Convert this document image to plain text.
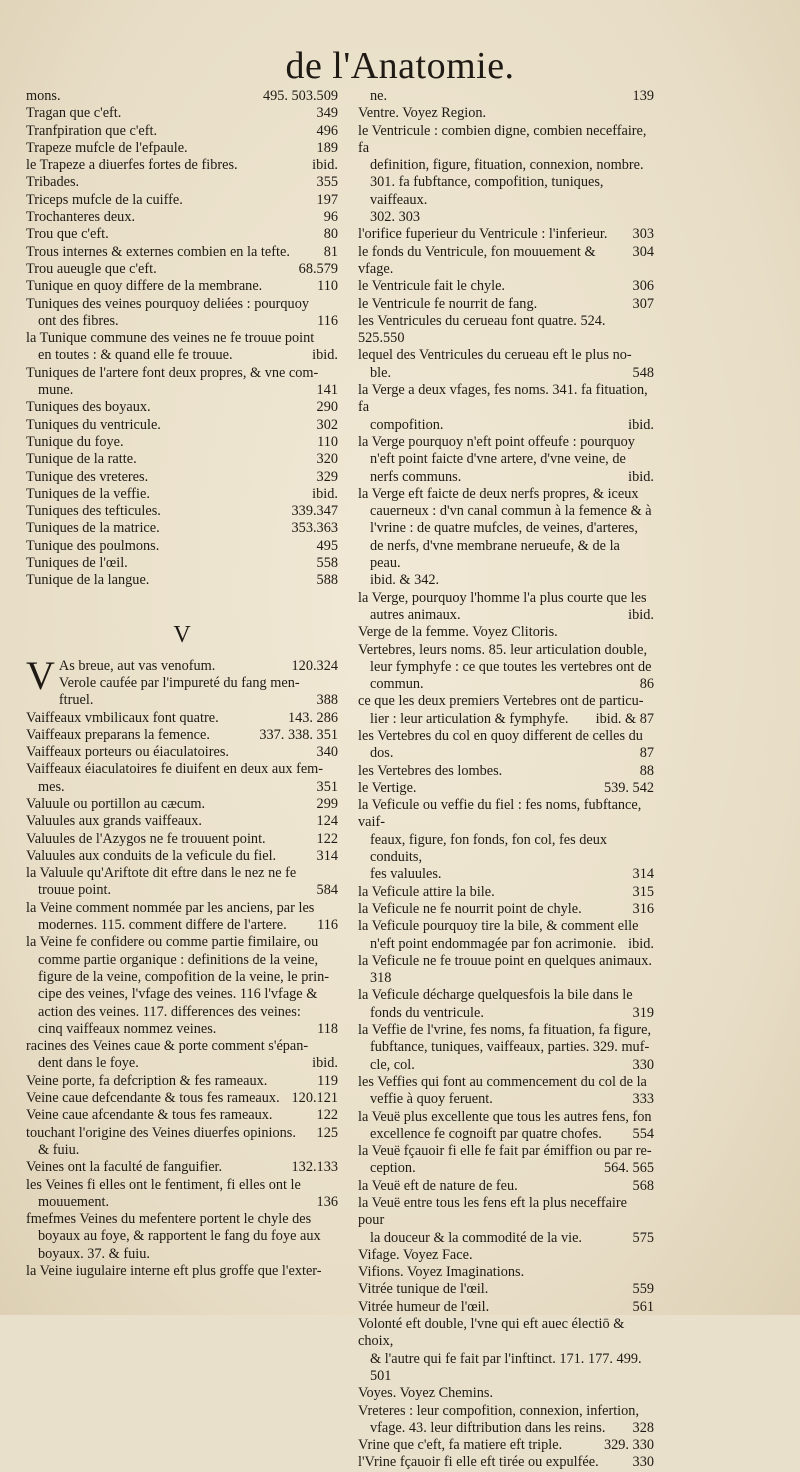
de l'Anatomie.
495. 503.509
mons.
349
Tragan que c'eft.
496
Tranfpiration que c'eft.
189
Trapeze mufcle de l'efpaule.
ibid.
le Trapeze a diuerfes fortes de fibres.
355
Tribades.
197
Triceps mufcle de la cuiffe.
96
Trochanteres deux.
80
Trou que c'eft.
81
Trous internes & externes combien en la tefte.
68.579
Trou aueugle que c'eft.
110
Tunique en quoy differe de la membrane.
Tuniques des veines pourquoy deliées : pourquoy
116
ont des fibres.
la Tunique commune des veines ne fe trouue point
ibid.
en toutes : & quand elle fe trouue.
Tuniques de l'artere font deux propres, & vne com-
141
mune.
290
Tuniques des boyaux.
302
Tuniques du ventricule.
110
Tunique du foye.
320
Tunique de la ratte.
329
Tunique des vreteres.
ibid.
Tuniques de la veffie.
339.347
Tuniques des tefticules.
353.363
Tuniques de la matrice.
495
Tunique des poulmons.
558
Tuniques de l'œil.
588
Tunique de la langue.
V
V	120.324
As breue, aut vas venofum.
Verole caufée par l'impureté du fang men-
388
ftruel.
143. 286
Vaiffeaux vmbilicaux font quatre.
337. 338. 351
Vaiffeaux preparans la femence.
340
Vaiffeaux porteurs ou éiaculatoires.
Vaiffeaux éiaculatoires fe diuifent en deux aux fem-
351
mes.
299
Valuule ou portillon au cæcum.
124
Valuules aux grands vaiffeaux.
122
Valuules de l'Azygos ne fe trouuent point.
314
Valuules aux conduits de la veficule du fiel.
la Valuule qu'Ariftote dit eftre dans le nez ne fe
584
trouue point.
la Veine comment nommée par les anciens, par les
116
modernes. 115. comment differe de l'artere.
la Veine fe confidere ou comme partie fimilaire, ou
comme partie organique : definitions de la veine,
figure de la veine, compofition de la veine, le prin-
cipe des veines, l'vfage des veines. 116 l'vfage &
action des veines. 117. differences des veines:
118
cinq vaiffeaux nommez veines.
racines des Veines caue & porte comment s'épan-
ibid.
dent dans le foye.
119
Veine porte, fa defcription & fes rameaux.
120.121
Veine caue defcendante & tous fes rameaux.
122
Veine caue afcendante & tous fes rameaux.
125
touchant l'origine des Veines diuerfes opinions.
& fuiu.
132.133
Veines ont la faculté de fanguifier.
les Veines fi elles ont le fentiment, fi elles ont le
136
mouuement.
fmefmes Veines du mefentere portent le chyle des
boyaux au foye, & rapportent le fang du foye aux
boyaux. 37. & fuiu.
la Veine iugulaire interne eft plus groffe que l'exter-
139
ne.
Ventre. Voyez Region.
le Ventricule : combien digne, combien neceffaire, fa
definition, figure, fituation, connexion, nombre.
301. fa fubftance, compofition, tuniques, vaiffeaux.
302. 303
303
l'orifice fuperieur du Ventricule : l'inferieur.
304
le fonds du Ventricule, fon mouuement & vfage.
306
le Ventricule fait le chyle.
307
le Ventricule fe nourrit de fang.
les Ventricules du cerueau font quatre. 524. 525.550
lequel des Ventricules du cerueau eft le plus no-
548
ble.
la Verge a deux vfages, fes noms. 341. fa fituation, fa
ibid.
compofition.
la Verge pourquoy n'eft point offeufe : pourquoy
n'eft point faicte d'vne artere, d'vne veine, de
ibid.
nerfs communs.
la Verge eft faicte de deux nerfs propres, & iceux
cauerneux : d'vn canal commun à la femence & à
l'vrine : de quatre mufcles, de veines, d'arteres,
de nerfs, d'vne membrane nerueufe, & de la peau.
ibid. & 342.
la Verge, pourquoy l'homme l'a plus courte que les
ibid.
autres animaux.
Verge de la femme. Voyez Clitoris.
Vertebres, leurs noms. 85. leur articulation double,
leur fymphyfe : ce que toutes les vertebres ont de
86
commun.
ce que les deux premiers Vertebres ont de particu-
ibid. & 87
lier : leur articulation & fymphyfe.
les Vertebres du col en quoy different de celles du
87
dos.
88
les Vertebres des lombes.
539. 542
le Vertige.
la Veficule ou veffie du fiel : fes noms, fubftance, vaif-
feaux, figure, fon fonds, fon col, fes deux conduits,
314
fes valuules.
315
la Veficule attire la bile.
316
la Veficule ne fe nourrit point de chyle.
la Veficule pourquoy tire la bile, & comment elle
ibid.
n'eft point endommagée par fon acrimonie.
la Veficule ne fe trouue point en quelques animaux.
318
la Veficule décharge quelquesfois la bile dans le
319
fonds du ventricule.
la Veffie de l'vrine, fes noms, fa fituation, fa figure,
fubftance, tuniques, vaiffeaux, parties. 329. muf-
330
cle, col.
les Veffies qui font au commencement du col de la
333
veffie à quoy feruent.
la Veuë plus excellente que tous les autres fens, fon
554
excellence fe cognoift par quatre chofes.
la Veuë fçauoir fi elle fe fait par émiffion ou par re-
564. 565
ception.
568
la Veuë eft de nature de feu.
la Veuë entre tous les fens eft la plus neceffaire pour
575
la douceur & la commodité de la vie.
Vifage. Voyez Face.
Vifions. Voyez Imaginations.
559
Vitrée tunique de l'œil.
561
Vitrée humeur de l'œil.
Volonté eft double, l'vne qui eft auec électiō & choix,
& l'autre qui fe fait par l'inftinct. 171. 177. 499. 501
Voyes. Voyez Chemins.
Vreteres : leur compofition, connexion, infertion,
328
vfage. 43. leur diftribution dans les reins.
329. 330
Vrine que c'eft, fa matiere eft triple.
330
l'Vrine fçauoir fi elle eft tirée ou expulfée.
